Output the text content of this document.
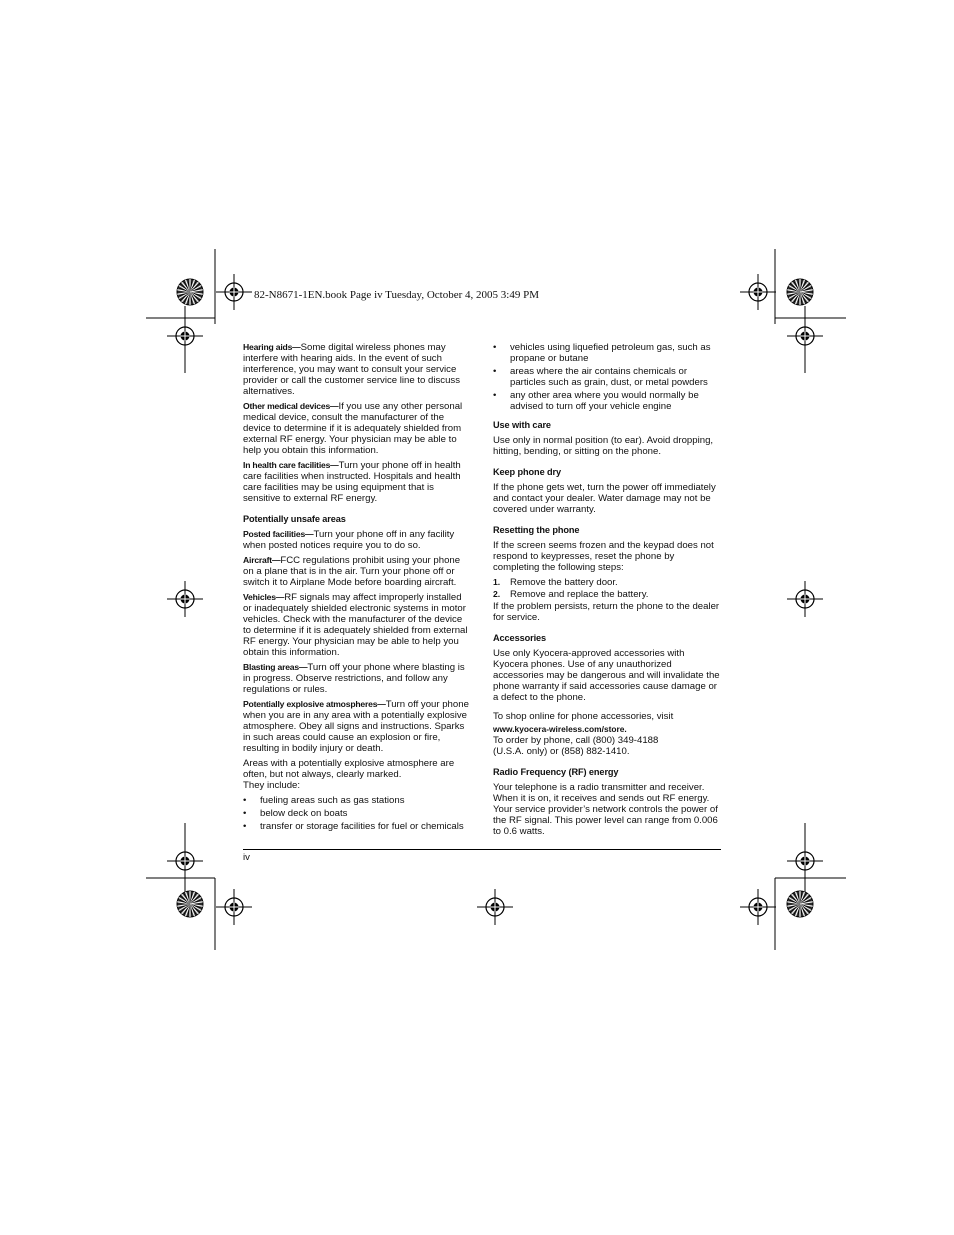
82-N8671-1EN.book Page iv Tuesday, October 4, 2005 3:49 PM

Hearing aids—Some digital wireless phones may interfere with hearing aids. In the event of such interference, you may want to consult your service provider or call the customer service line to discuss alternatives.

Other medical devices—If you use any other personal medical device, consult the manufacturer of the device to determine if it is adequately shielded from external RF energy. Your physician may be able to help you obtain this information.

In health care facilities—Turn your phone off in health care facilities when instructed. Hospitals and health care facilities may be using equipment that is sensitive to external RF energy.

Potentially unsafe areas

Posted facilities—Turn your phone off in any facility when posted notices require you to do so.

Aircraft—FCC regulations prohibit using your phone on a plane that is in the air. Turn your phone off or switch it to Airplane Mode before boarding aircraft.

Vehicles—RF signals may affect improperly installed or inadequately shielded electronic systems in motor vehicles. Check with the manufacturer of the device to determine if it is adequately shielded from external RF energy. Your physician may be able to help you obtain this information.

Blasting areas—Turn off your phone where blasting is in progress. Observe restrictions, and follow any regulations or rules.

Potentially explosive atmospheres—Turn off your phone when you are in any area with a potentially explosive atmosphere. Obey all signs and instructions. Sparks in such areas could cause an explosion or fire, resulting in bodily injury or death.

Areas with a potentially explosive atmosphere are often, but not always, clearly marked.

They include:

• fueling areas such as gas stations
• below deck on boats
• transfer or storage facilities for fuel or chemicals
• vehicles using liquefied petroleum gas, such as propane or butane
• areas where the air contains chemicals or particles such as grain, dust, or metal powders
• any other area where you would normally be advised to turn off your vehicle engine
Use with care

Use only in normal position (to ear). Avoid dropping, hitting, bending, or sitting on the phone.

Keep phone dry

If the phone gets wet, turn the power off immediately and contact your dealer. Water damage may not be covered under warranty.

Resetting the phone

If the screen seems frozen and the keypad does not respond to keypresses, reset the phone by completing the following steps:

1. Remove the battery door.
2. Remove and replace the battery.

If the problem persists, return the phone to the dealer for service.

Accessories

Use only Kyocera-approved accessories with Kyocera phones. Use of any unauthorized accessories may be dangerous and will invalidate the phone warranty if said accessories cause damage or a defect to the phone.

To shop online for phone accessories, visit

www.kyocera-wireless.com/store.
To order by phone, call (800) 349-4188

(U.S.A. only) or (858) 882-1410.

Radio Frequency (RF) energy

Your telephone is a radio transmitter and receiver. When it is on, it receives and sends out RF energy. Your service provider’s network controls the power of the RF signal. This power level can range from 0.006 to 0.6 watts.

iv
